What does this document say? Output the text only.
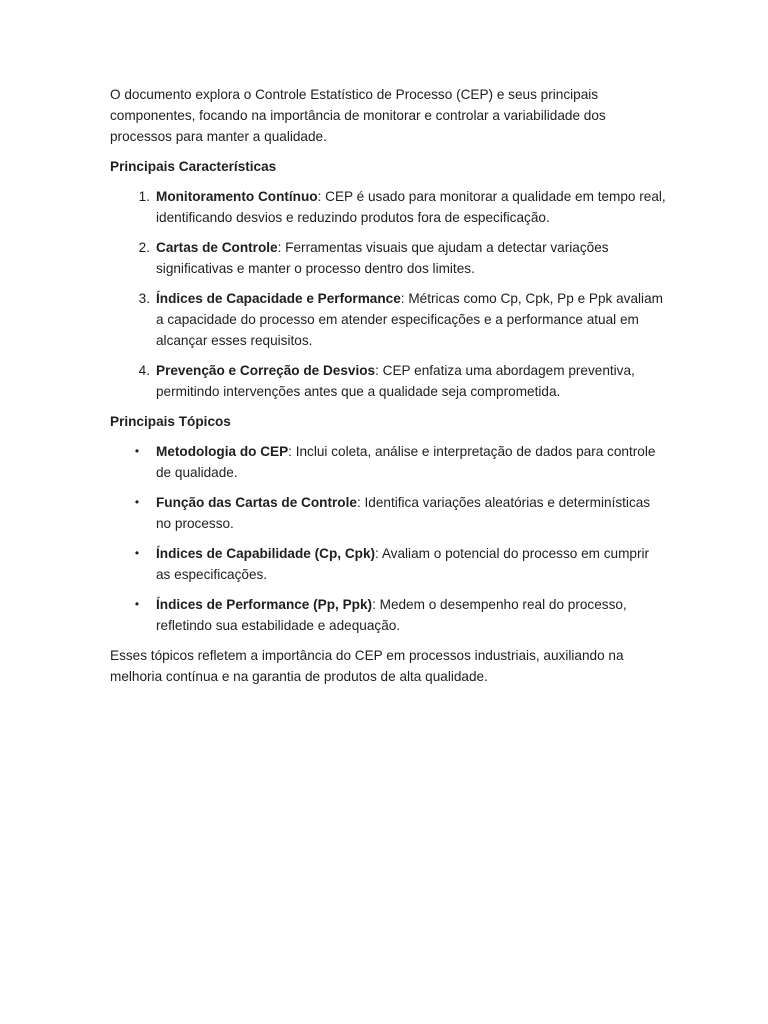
O documento explora o Controle Estatístico de Processo (CEP) e seus principais componentes, focando na importância de monitorar e controlar a variabilidade dos processos para manter a qualidade.

Principais Características

1. Monitoramento Contínuo: CEP é usado para monitorar a qualidade em tempo real, identificando desvios e reduzindo produtos fora de especificação.
2. Cartas de Controle: Ferramentas visuais que ajudam a detectar variações significativas e manter o processo dentro dos limites.
3. Índices de Capacidade e Performance: Métricas como Cp, Cpk, Pp e Ppk avaliam a capacidade do processo em atender especificações e a performance atual em alcançar esses requisitos.
4. Prevenção e Correção de Desvios: CEP enfatiza uma abordagem preventiva, permitindo intervenções antes que a qualidade seja comprometida.

Principais Tópicos

• Metodologia do CEP: Inclui coleta, análise e interpretação de dados para controle de qualidade.
• Função das Cartas de Controle: Identifica variações aleatórias e determinísticas no processo.
• Índices de Capabilidade (Cp, Cpk): Avaliam o potencial do processo em cumprir as especificações.
• Índices de Performance (Pp, Ppk): Medem o desempenho real do processo, refletindo sua estabilidade e adequação.

Esses tópicos refletem a importância do CEP em processos industriais, auxiliando na melhoria contínua e na garantia de produtos de alta qualidade.
